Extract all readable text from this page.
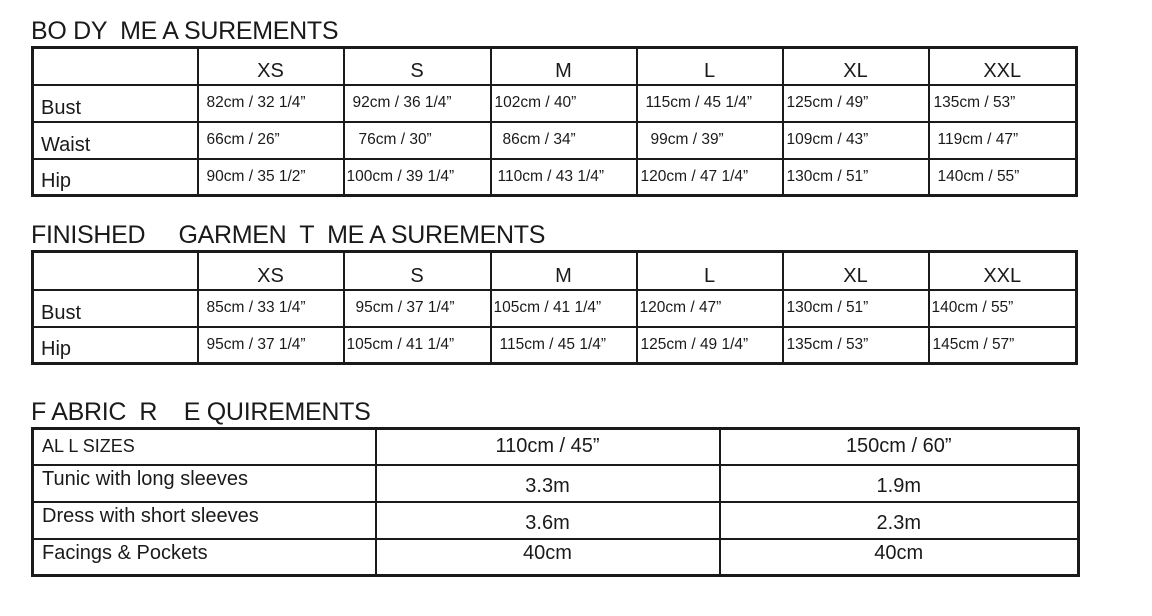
BO DY  ME A SUREMENTS
	XS	S	M	L	XL	XXL
Bust	82cm / 32 1/4”	92cm / 36 1/4”	102cm / 40”	115cm / 45 1/4”	125cm / 49”	135cm / 53”
Waist	66cm / 26”	76cm / 30”	86cm / 34”	99cm / 39”	109cm / 43”	119cm / 47”
Hip	90cm / 35 1/2”	100cm / 39 1/4”	110cm / 43 1/4”	120cm / 47 1/4”	130cm / 51”	140cm / 55”
FINISHED     GARMEN  T  ME A SUREMENTS
	XS	S	M	L	XL	XXL
Bust	85cm / 33 1/4”	95cm / 37 1/4”	105cm / 41 1/4”	120cm / 47”	130cm / 51”	140cm / 55”
Hip	95cm / 37 1/4”	105cm / 41 1/4”	115cm / 45 1/4”	125cm / 49 1/4”	135cm / 53”	145cm / 57”
F ABRIC  R    E QUIREMENTS
AL L SIZES	110cm / 45”	150cm / 60”
Tunic with long sleeves	3.3m	1.9m
Dress with short sleeves	3.6m	2.3m
Facings & Pockets	40cm	40cm
